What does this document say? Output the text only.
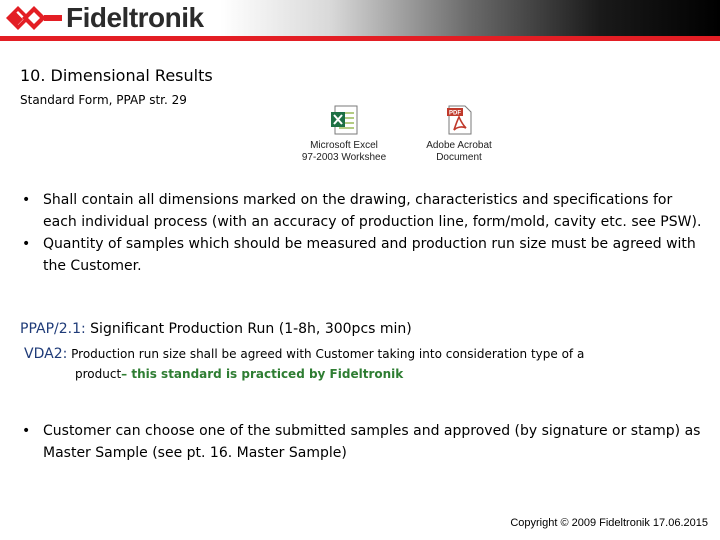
Fideltronik
10. Dimensional Results
Standard Form, PPAP str. 29
Microsoft Excel
97-2003 Workshee
PDF
Adobe Acrobat
Document
• Shall contain all dimensions marked on the drawing, characteristics and specifications for each individual process (with an accuracy of production line, form/mold, cavity etc. see PSW).
• Quantity of samples which should be measured and production run size must be agreed with the Customer.
PPAP/2.1: Significant Production Run (1-8h, 300pcs min)
VDA2: Production run size shall be agreed with Customer taking into consideration type of a
product– this standard is practiced by Fideltronik
• Customer can choose one of the submitted samples and approved (by signature or stamp) as Master Sample (see pt. 16. Master Sample)
Copyright © 2009 Fideltronik 17.06.2015
